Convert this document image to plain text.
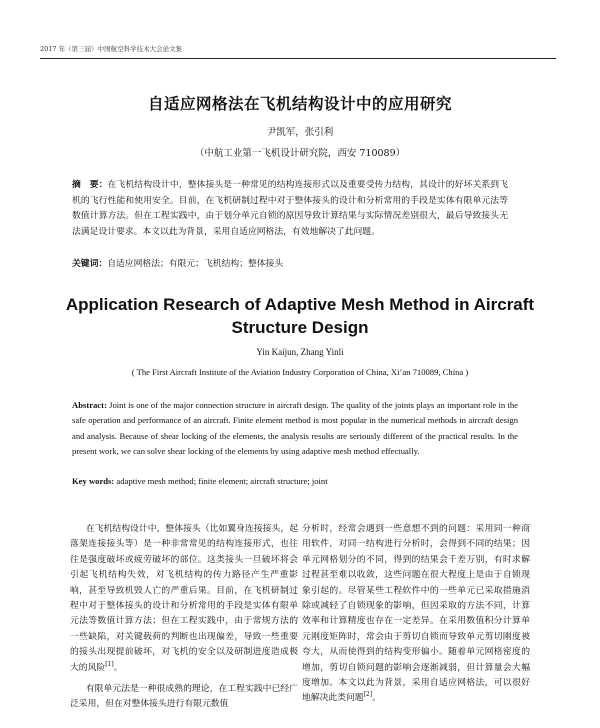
2017 年（第三届）中国航空科学技术大会论文集
自适应网格法在飞机结构设计中的应用研究
尹凯军，张引利
（中航工业第一飞机设计研究院，西安 710089）
摘　要：在飞机结构设计中，整体接头是一种常见的结构连接形式以及重要受传力结构，其设计的好坏关系到飞机的飞行性能和使用安全。目前，在飞机研制过程中对于整体接头的设计和分析常用的手段是实体有限单元法等数值计算方法。但在工程实践中，由于划分单元自锁的原因导致计算结果与实际情况差别很大，最后导致接头无法满足设计要求。本文以此为背景，采用自适应网格法，有效地解决了此问题。
关键词：自适应网格法；有限元；飞机结构；整体接头
Application Research of Adaptive Mesh Method in Aircraft Structure Design
Yin Kaijun, Zhang Yinli
( The First Aircraft Institute of the Aviation Industry Corporation of China, Xi’an 710089, China )
Abstract: Joint is one of the major connection structure in aircraft design. The quality of the joints plays an important role in the safe operation and performance of an aircraft. Finite element method is most popular in the numerical methods in aircraft design and analysis. Because of shear locking of the elements, the analysis results are seriously different of the practical results. In the present work, we can solve shear locking of the elements by using adaptive mesh method effectually.
Key words: adaptive mesh method; finite element; aircraft structure; joint

在飞机结构设计中，整体接头（比如翼身连接接头，起落架连接接头等）是一种非常常见的结构连接形式，也往往是强度破坏或疲劳破坏的部位。这类接头一旦破坏将会引起飞机结构失效，对飞机结构的传力路径产生严重影响，甚至导致机毁人亡的严重后果。目前，在飞机研制过程中对于整体接头的设计和分析常用的手段是实体有限单元法等数值计算方法；但在工程实践中，由于常规方法的一些缺陷，对关键载荷的判断也出现偏差，导致一些重要的接头出现提前破坏，对飞机的安全以及研制进度造成极大的风险[1]。

有限单元法是一种很成熟的理论，在工程实践中已经广泛采用，但在对整体接头进行有限元数值

分析时，经常会遇到一些意想不到的问题：采用同一种商用软件，对同一结构进行分析时，会得到不同的结果；因单元网格划分的不同，得到的结果会千差万别，有时求解过程甚至难以收敛，这些问题在很大程度上是由于自锁现象引起的。尽管某些工程软件中的一些单元已采取措施消除或减轻了自锁现象的影响，但因采取的方法不同，计算效率和计算精度也存在一定差异。在采用数值积分计算单元刚度矩阵时，常会由于剪切自锁而导致单元剪切刚度被夸大，从而使得到的结构变形偏小。随着单元网格密度的增加，剪切自锁问题的影响会逐渐减弱，但计算量会大幅度增加。本文以此为背景，采用自适应网格法，可以很好地解决此类问题[2]。
